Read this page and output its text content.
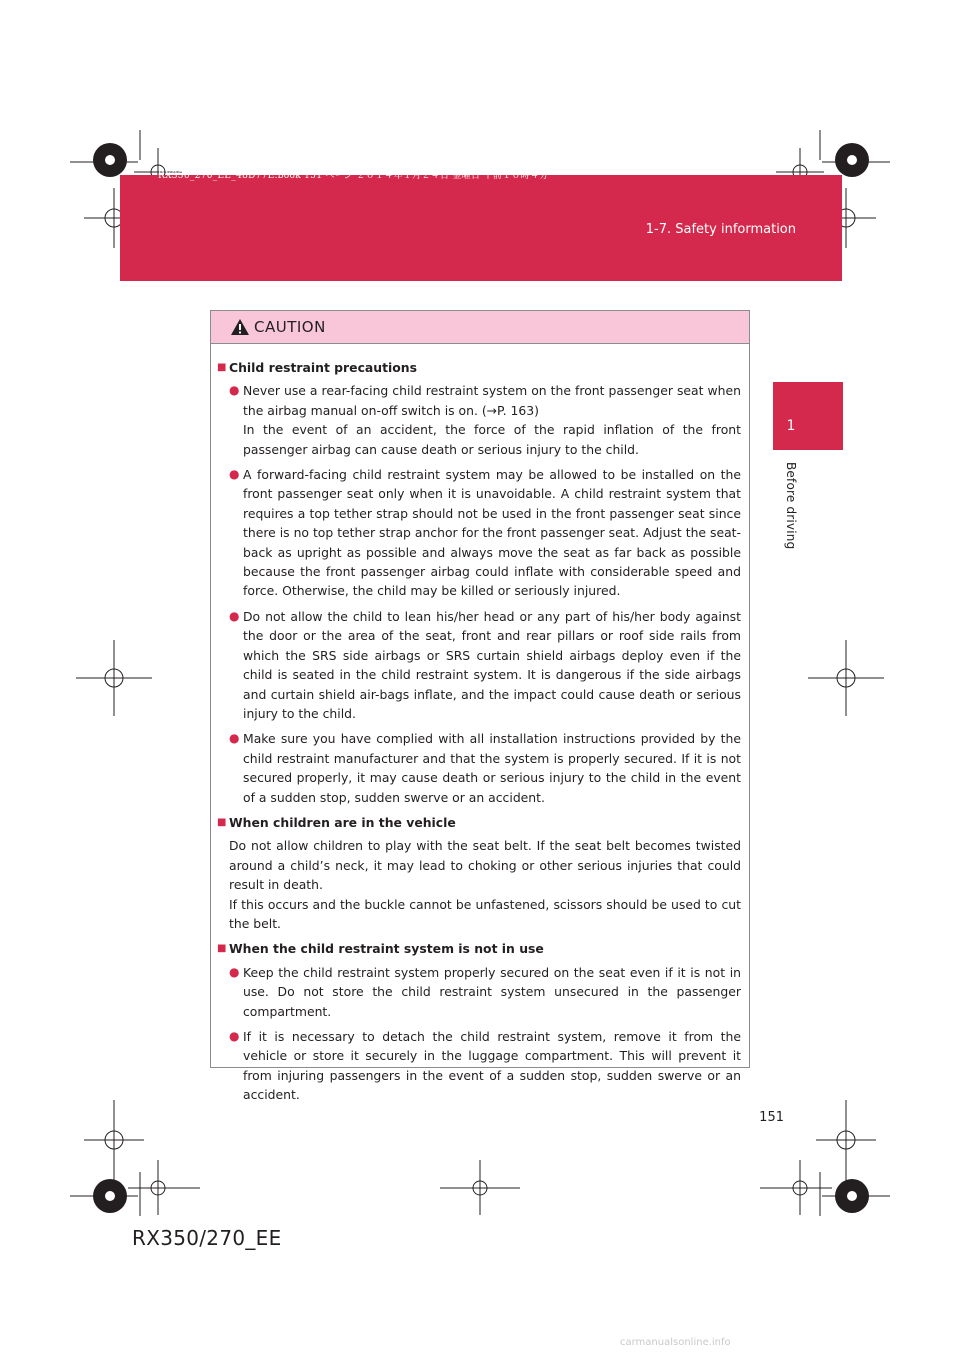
RX350_270_EE_48D77E.book 151 ページ ２０１４年１月２４日 金曜日 午前１０時４分
1-7. Safety information
1
Before driving
CAUTION
■ Child restraint precautions
● Never use a rear-facing child restraint system on the front passenger seat when the airbag manual on-off switch is on. (→P. 163)
In the event of an accident, the force of the rapid inflation of the front passenger airbag can cause death or serious injury to the child.
● A forward-facing child restraint system may be allowed to be installed on the front passenger seat only when it is unavoidable. A child restraint system that requires a top tether strap should not be used in the front passenger seat since there is no top tether strap anchor for the front passenger seat. Adjust the seat-back as upright as possible and always move the seat as far back as possible because the front passenger airbag could inflate with considerable speed and force. Otherwise, the child may be killed or seriously injured.
● Do not allow the child to lean his/her head or any part of his/her body against the door or the area of the seat, front and rear pillars or roof side rails from which the SRS side airbags or SRS curtain shield airbags deploy even if the child is seated in the child restraint system. It is dangerous if the side airbags and curtain shield air-bags inflate, and the impact could cause death or serious injury to the child.
● Make sure you have complied with all installation instructions provided by the child restraint manufacturer and that the system is properly secured. If it is not secured properly, it may cause death or serious injury to the child in the event of a sudden stop, sudden swerve or an accident.
■ When children are in the vehicle
Do not allow children to play with the seat belt. If the seat belt becomes twisted around a child’s neck, it may lead to choking or other serious injuries that could result in death.
If this occurs and the buckle cannot be unfastened, scissors should be used to cut the belt.
■ When the child restraint system is not in use
● Keep the child restraint system properly secured on the seat even if it is not in use. Do not store the child restraint system unsecured in the passenger compartment.
● If it is necessary to detach the child restraint system, remove it from the vehicle or store it securely in the luggage compartment. This will prevent it from injuring passengers in the event of a sudden stop, sudden swerve or an accident.
151
RX350/270_EE
carmanualsonline.info
